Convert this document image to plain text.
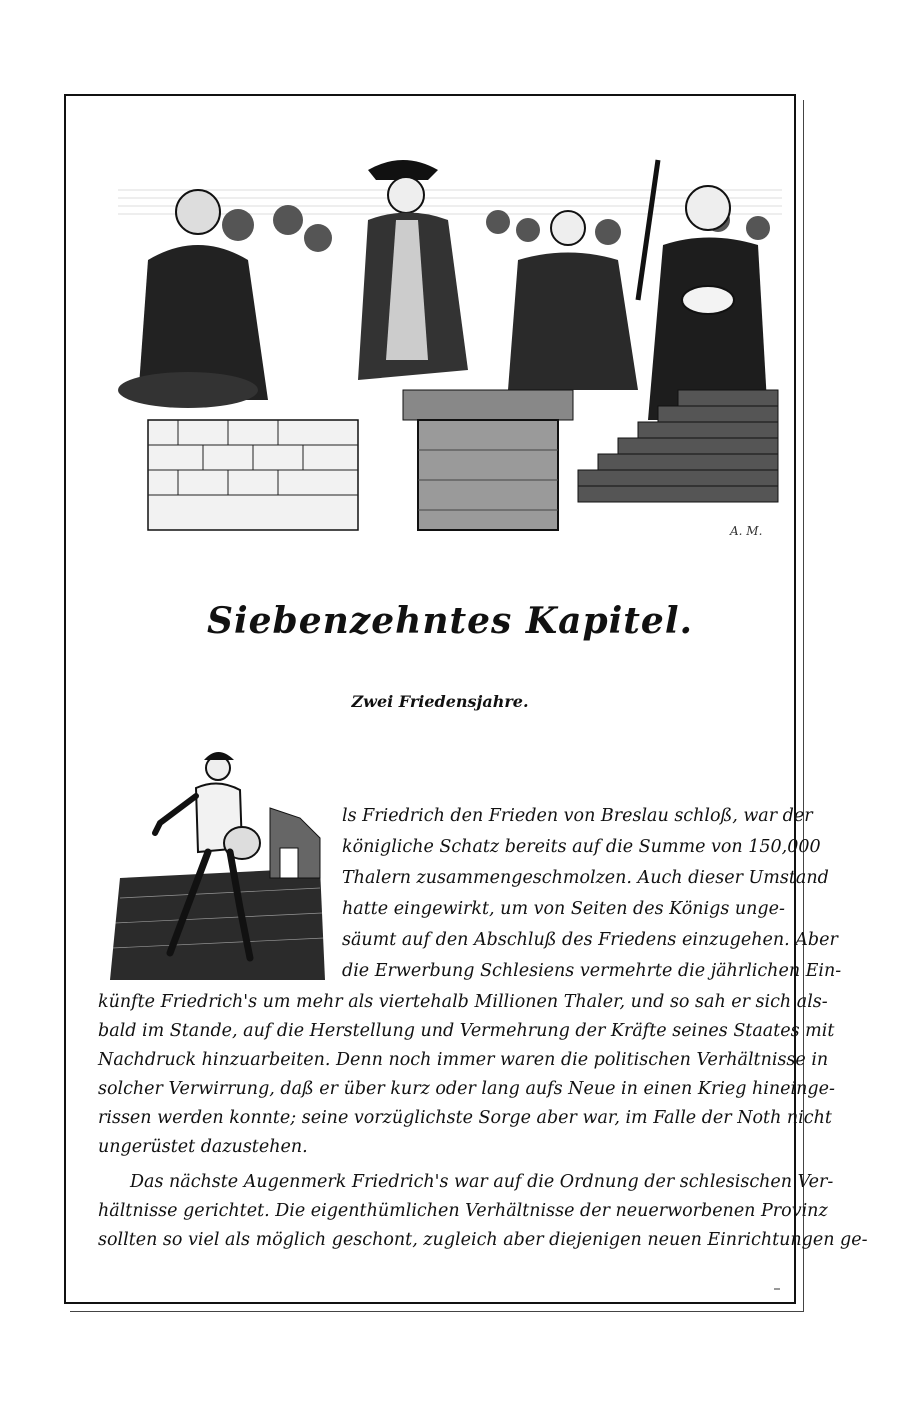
A. M.
Siebenzehntes Kapitel.
Zwei Friedensjahre.
A
ls Friedrich den Frieden von Breslau schloß, war der
königliche Schatz bereits auf die Summe von 150,000
Thalern zusammengeschmolzen. Auch dieser Umstand
hatte eingewirkt, um von Seiten des Königs unge-
säumt auf den Abschluß des Friedens einzugehen. Aber
die Erwerbung Schlesiens vermehrte die jährlichen Ein-
künfte Friedrich's um mehr als viertehalb Millionen Thaler, und so sah er sich als-
bald im Stande, auf die Herstellung und Vermehrung der Kräfte seines Staates mit
Nachdruck hinzuarbeiten. Denn noch immer waren die politischen Verhältnisse in
solcher Verwirrung, daß er über kurz oder lang aufs Neue in einen Krieg hineinge-
rissen werden konnte; seine vorzüglichste Sorge aber war, im Falle der Noth nicht
ungerüstet dazustehen.
Das nächste Augenmerk Friedrich's war auf die Ordnung der schlesischen Ver-
hältnisse gerichtet. Die eigenthümlichen Verhältnisse der neuerworbenen Provinz
sollten so viel als möglich geschont, zugleich aber diejenigen neuen Einrichtungen ge-
